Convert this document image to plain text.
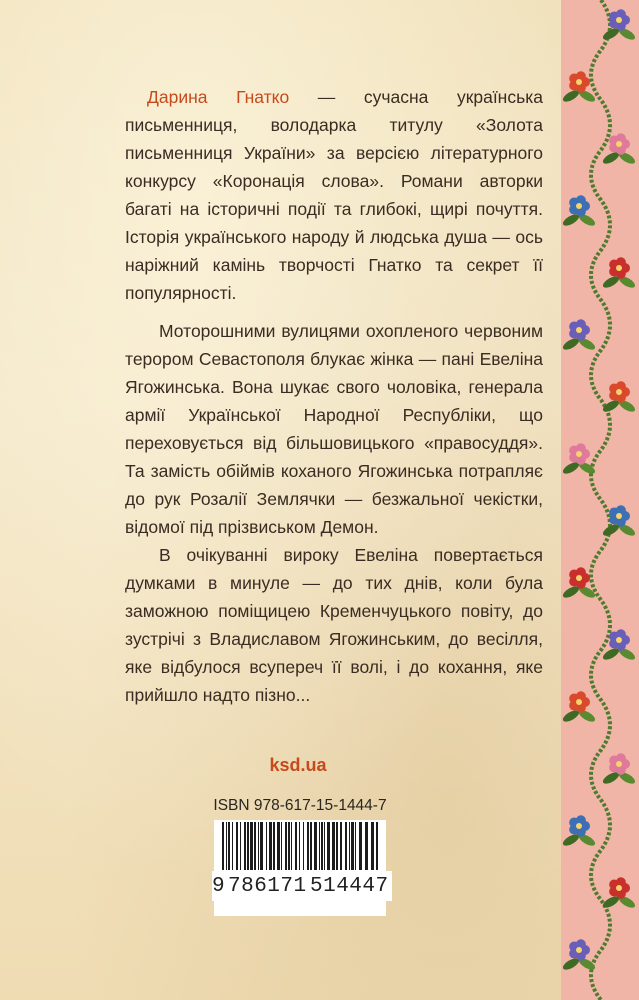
Дарина Гнатко — сучасна українська письменниця, володарка титулу «Золота письменниця України» за версією літературного конкурсу «Коронація слова». Романи авторки багаті на історичні події та глибокі, щирі почуття. Історія українського народу й людська душа — ось наріжний камінь творчості Гнатко та секрет її популярності.

Моторошними вулицями охопленого червоним терором Севастополя блукає жінка — пані Евеліна Ягожинська. Вона шукає свого чоловіка, генерала армії Української Народної Республіки, що переховується від більшовицького «правосуддя». Та замість обіймів коханого Ягожинська потрапляє до рук Розалії Землячки — безжальної чекістки, відомої під прізвиськом Демон.

В очікуванні вироку Евеліна повертається думками в минуле — до тих днів, коли була заможною поміщицею Кременчуцького повіту, до зустрічі з Владиславом Ягожинським, до весілля, яке відбулося всупереч її волі, і до кохання, яке прийшло надто пізно...

ksd.ua
ISBN 978-617-15-1444-7
9 786171 514447
